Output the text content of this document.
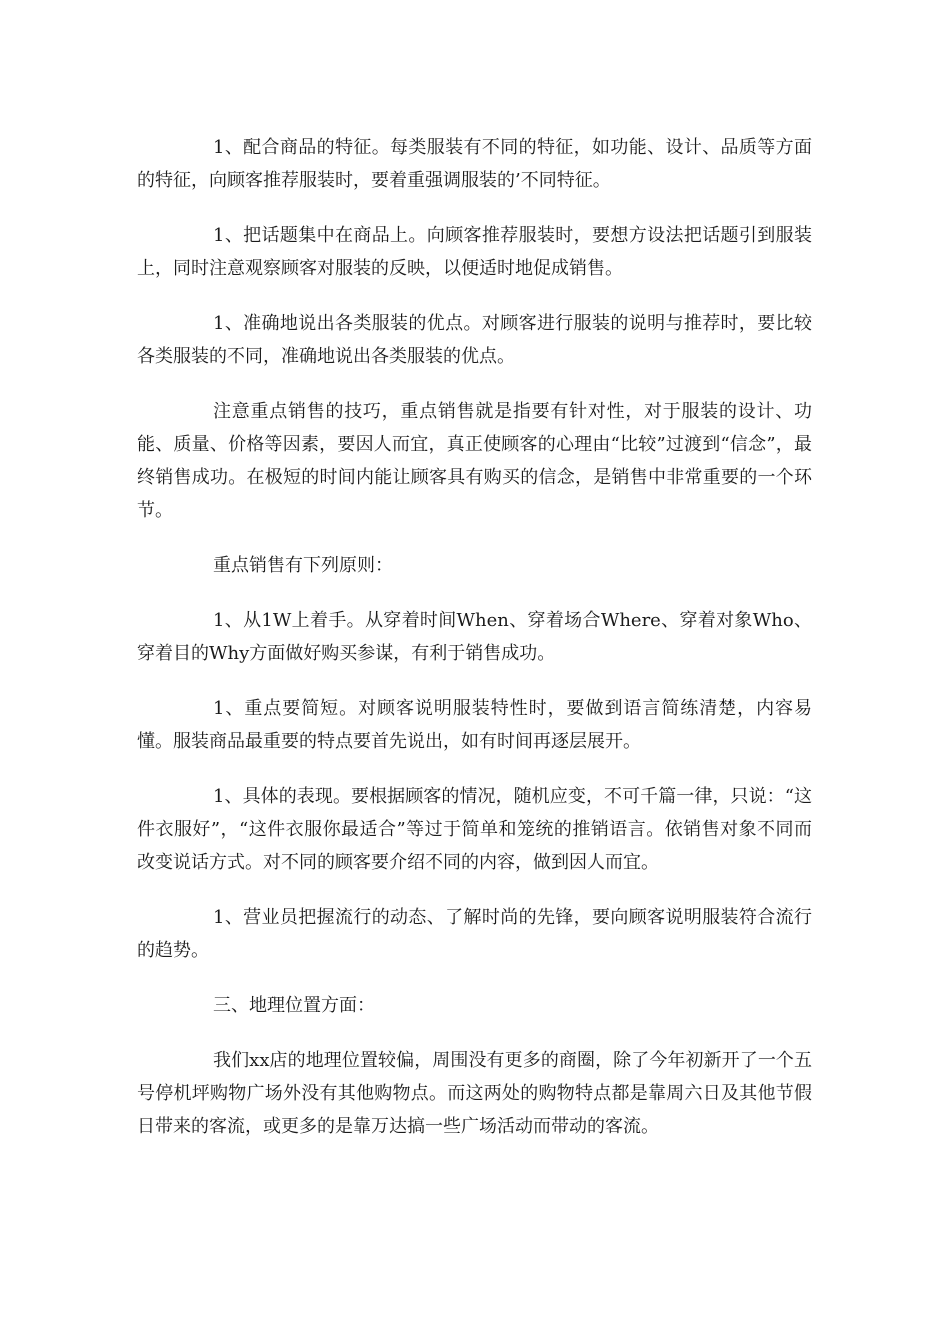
1、配合商品的特征。每类服装有不同的特征，如功能、设计、品质等方面的特征，向顾客推荐服装时，要着重强调服装的’不同特征。

1、把话题集中在商品上。向顾客推荐服装时，要想方设法把话题引到服装上，同时注意观察顾客对服装的反映，以便适时地促成销售。

1、准确地说出各类服装的优点。对顾客进行服装的说明与推荐时，要比较各类服装的不同，准确地说出各类服装的优点。

注意重点销售的技巧，重点销售就是指要有针对性，对于服装的设计、功能、质量、价格等因素，要因人而宜，真正使顾客的心理由“比较”过渡到“信念”，最终销售成功。在极短的时间内能让顾客具有购买的信念，是销售中非常重要的一个环节。

重点销售有下列原则：

1、从1W上着手。从穿着时间When、穿着场合Where、穿着对象Who、穿着目的Why方面做好购买参谋，有利于销售成功。

1、重点要简短。对顾客说明服装特性时，要做到语言简练清楚，内容易懂。服装商品最重要的特点要首先说出，如有时间再逐层展开。

1、具体的表现。要根据顾客的情况，随机应变，不可千篇一律，只说：“这件衣服好”，“这件衣服你最适合”等过于简单和笼统的推销语言。依销售对象不同而改变说话方式。对不同的顾客要介绍不同的内容，做到因人而宜。

1、营业员把握流行的动态、了解时尚的先锋，要向顾客说明服装符合流行的趋势。

三、地理位置方面：

我们xx店的地理位置较偏，周围没有更多的商圈，除了今年初新开了一个五号停机坪购物广场外没有其他购物点。而这两处的购物特点都是靠周六日及其他节假日带来的客流，或更多的是靠万达搞一些广场活动而带动的客流。
